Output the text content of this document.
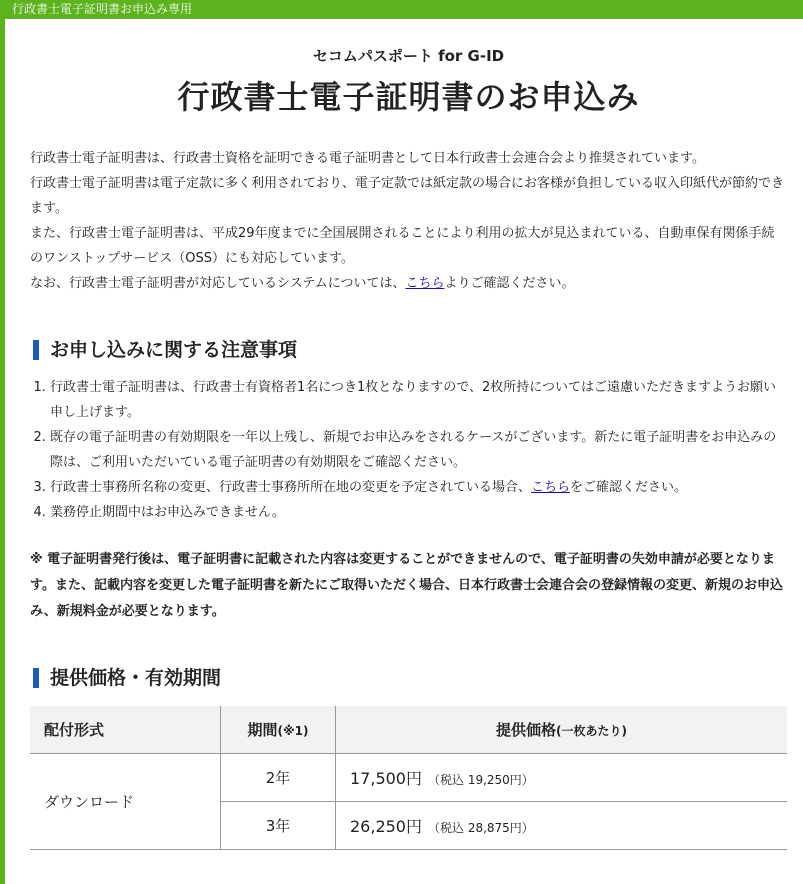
行政書士電子証明書お申込み専用
セコムパスポート for G-ID
行政書士電子証明書のお申込み

行政書士電子証明書は、行政書士資格を証明できる電子証明書として日本行政書士会連合会より推奨されています。

行政書士電子証明書は電子定款に多く利用されており、電子定款では紙定款の場合にお客様が負担している収入印紙代が節約できます。

また、行政書士電子証明書は、平成29年度までに全国展開されることにより利用の拡大が見込まれている、自動車保有関係手続のワンストップサービス（OSS）にも対応しています。

なお、行政書士電子証明書が対応しているシステムについては、こちらよりご確認ください。

お申し込みに関する注意事項
1. 行政書士電子証明書は、行政書士有資格者1名につき1枚となりますので、2枚所持についてはご遠慮いただきますようお願い申し上げます。
2. 既存の電子証明書の有効期限を一年以上残し、新規でお申込みをされるケースがございます。新たに電子証明書をお申込みの際は、ご利用いただいている電子証明書の有効期限をご確認ください。
3. 行政書士事務所名称の変更、行政書士事務所所在地の変更を予定されている場合、こちらをご確認ください。
4. 業務停止期間中はお申込みできません。
※ 電子証明書発行後は、電子証明書に記載された内容は変更することができませんので、電子証明書の失効申請が必要となります。また、記載内容を変更した電子証明書を新たにご取得いただく場合、日本行政書士会連合会の登録情報の変更、新規のお申込み、新規料金が必要となります。
提供価格・有効期間
配付形式	期間(※1)	提供価格(一枚あたり)
ダウンロード	2年	17,500円 （税込 19,250円）
	3年	26,250円 （税込 28,875円）
